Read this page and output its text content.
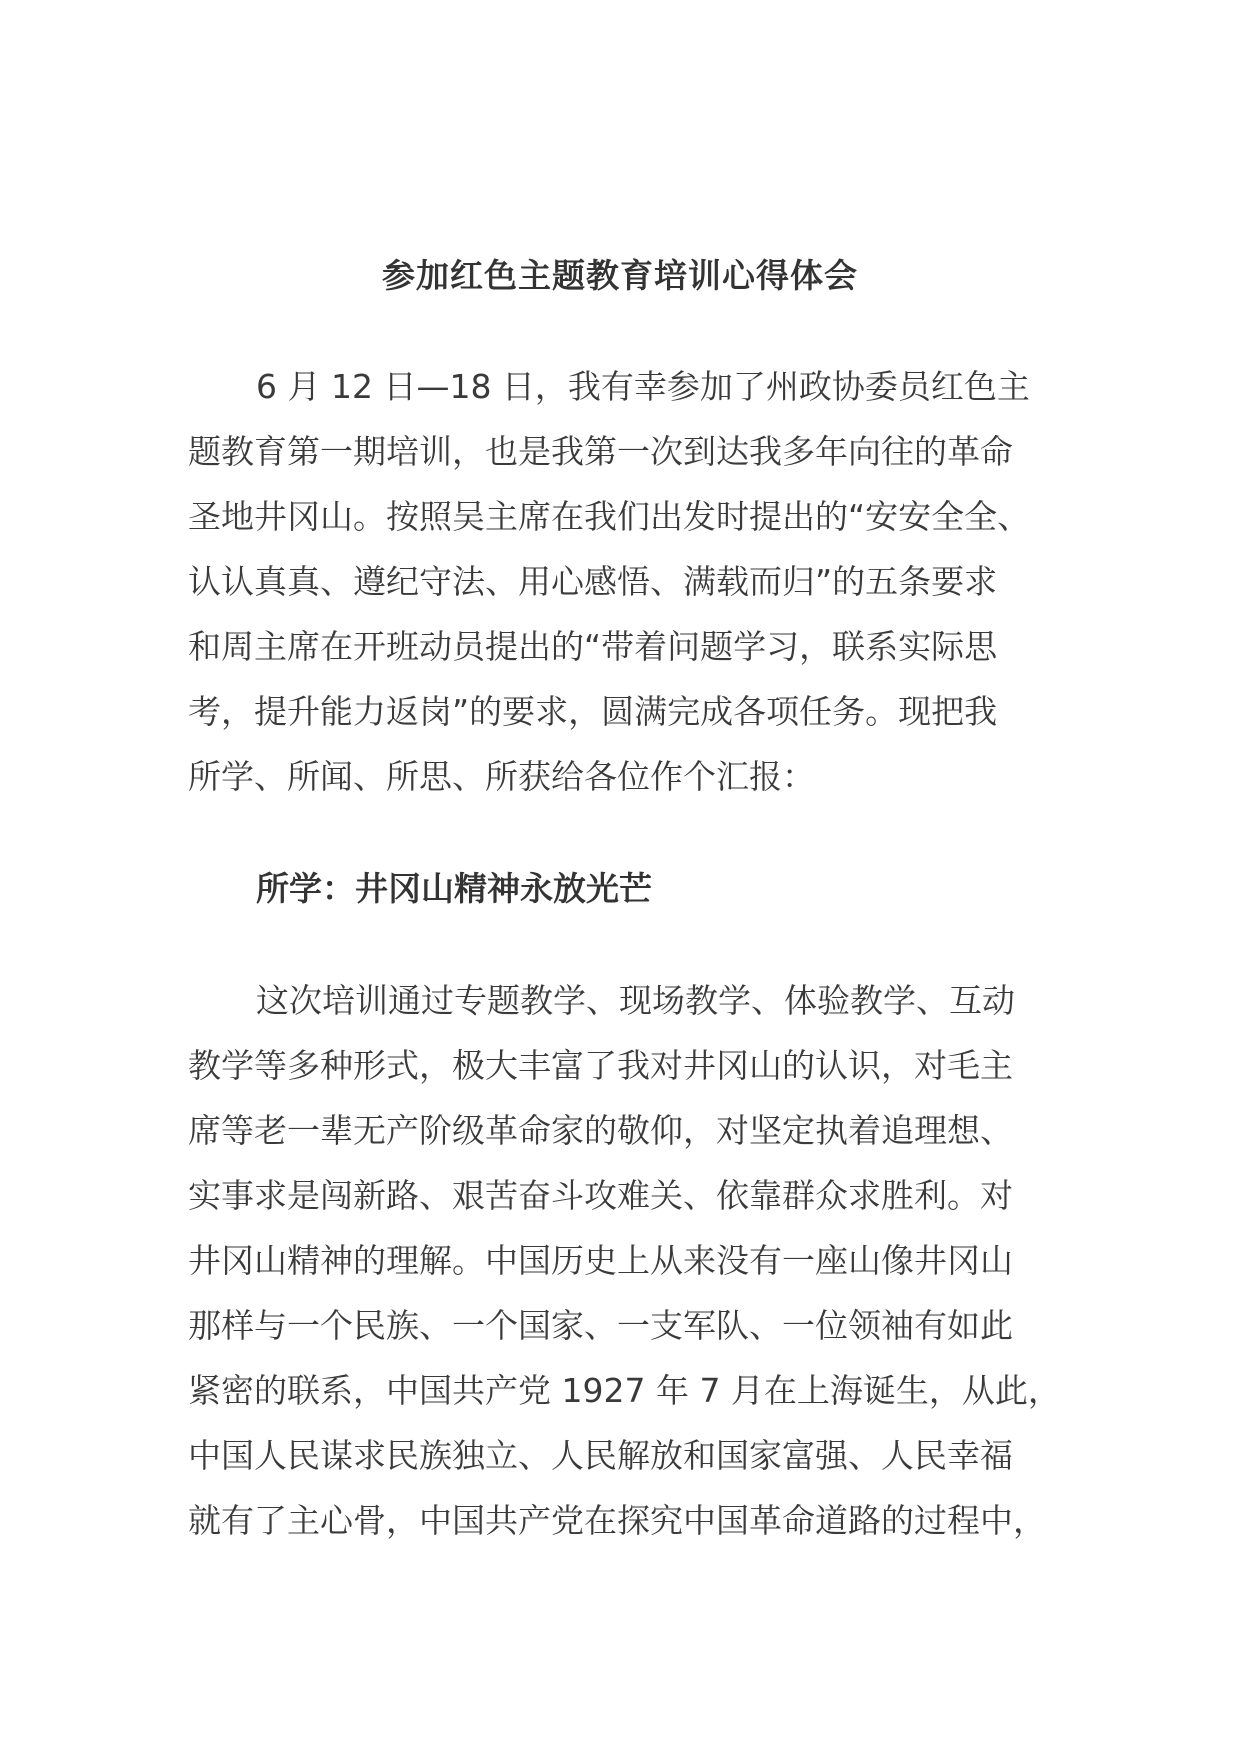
参加红色主题教育培训心得体会
6 月 12 日—18 日，我有幸参加了州政协委员红色主
题教育第一期培训，也是我第一次到达我多年向往的革命
圣地井冈山。按照吴主席在我们出发时提出的“安安全全、
认认真真、遵纪守法、用心感悟、满载而归”的五条要求
和周主席在开班动员提出的“带着问题学习，联系实际思
考，提升能力返岗”的要求，圆满完成各项任务。现把我
所学、所闻、所思、所获给各位作个汇报：
所学：井冈山精神永放光芒
这次培训通过专题教学、现场教学、体验教学、互动
教学等多种形式，极大丰富了我对井冈山的认识，对毛主
席等老一辈无产阶级革命家的敬仰，对坚定执着追理想、
实事求是闯新路、艰苦奋斗攻难关、依靠群众求胜利。对
井冈山精神的理解。中国历史上从来没有一座山像井冈山
那样与一个民族、一个国家、一支军队、一位领袖有如此
紧密的联系，中国共产党 1927 年 7 月在上海诞生，从此，
中国人民谋求民族独立、人民解放和国家富强、人民幸福
就有了主心骨，中国共产党在探究中国革命道路的过程中，
